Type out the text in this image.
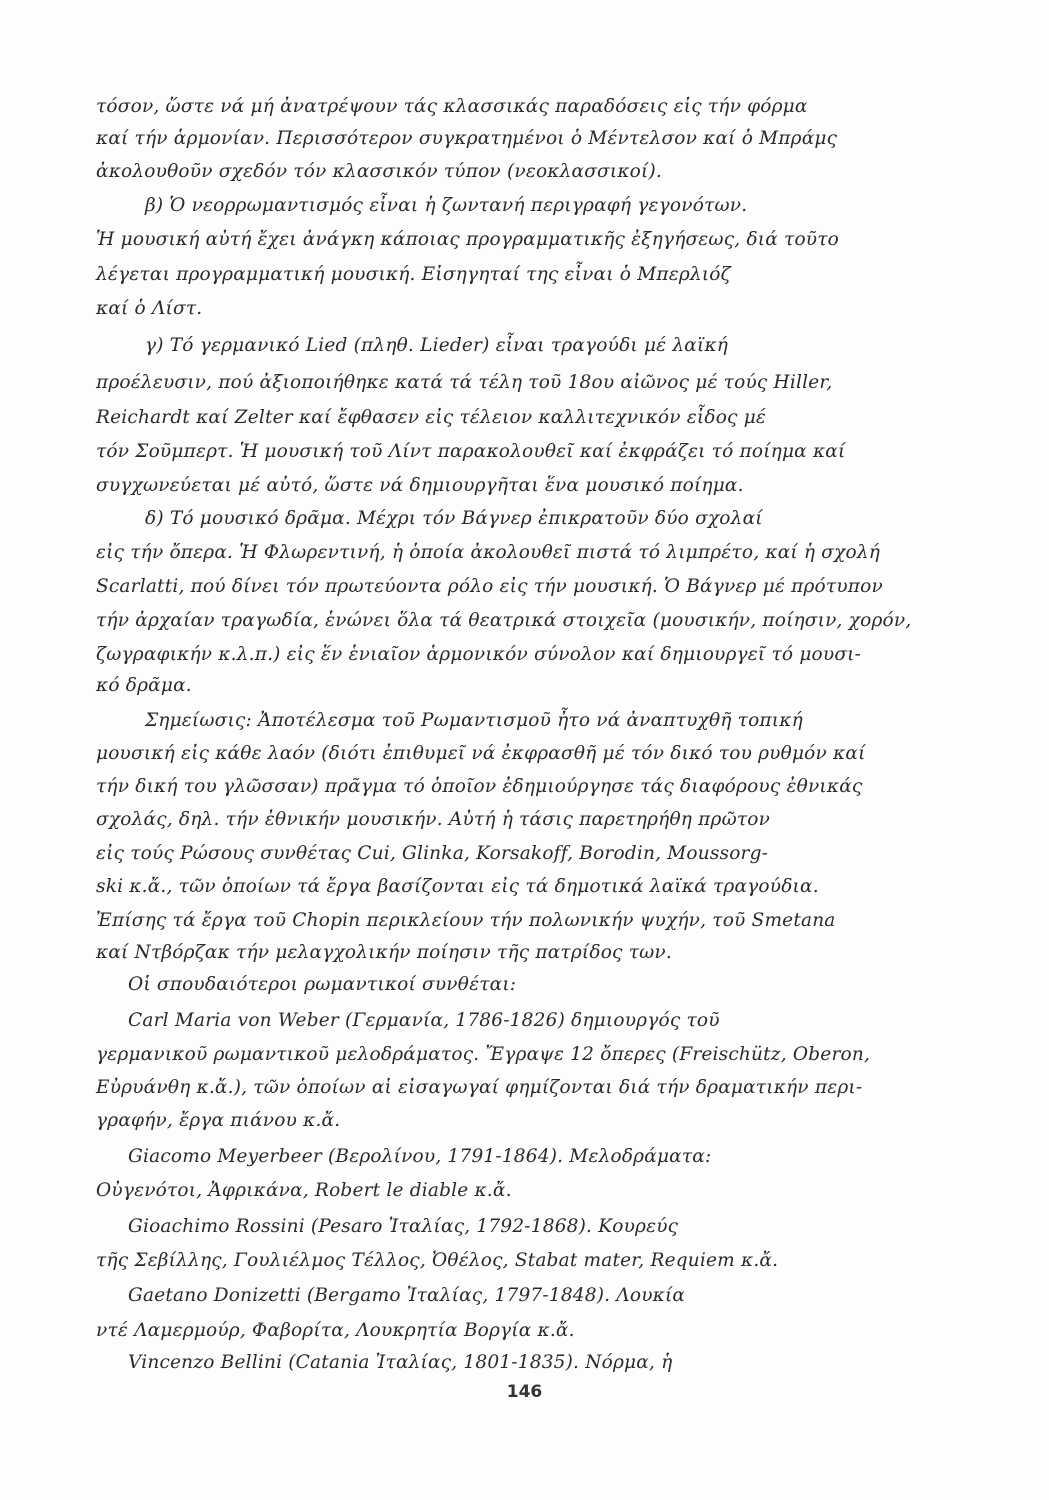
τόσον, ὥστε νά μή ἀνατρέψουν τάς κλασσικάς παραδόσεις εἰς τήν φόρμα
καί τήν ἁρμονίαν. Περισσότερον συγκρατημένοι ὁ Μέντελσον καί ὁ Μπράμς
ἀκολουθοῦν σχεδόν τόν κλασσικόν τύπον (νεοκλασσικοί).
β) Ὁ νεορρωμαντισμός εἶναι ἡ ζωντανή περιγραφή γεγονότων.
Ἡ μουσική αὐτή ἔχει ἀνάγκη κάποιας προγραμματικῆς ἐξηγήσεως, διά τοῦτο
λέγεται προγραμματική μουσική. Εἰσηγηταί της εἶναι ὁ Μπερλιόζ
καί ὁ Λίστ.
γ) Τό γερμανικό Lied (πληθ. Lieder) εἶναι τραγούδι μέ λαϊκή
προέλευσιν, πού ἀξιοποιήθηκε κατά τά τέλη τοῦ 18ου αἰῶνος μέ τούς Hiller,
Reichardt καί Zelter καί ἔφθασεν εἰς τέλειον καλλιτεχνικόν εἶδος μέ
τόν Σοῦμπερτ. Ἡ μουσική τοῦ Λίντ παρακολουθεῖ καί ἐκφράζει τό ποίημα καί
συγχωνεύεται μέ αὐτό, ὥστε νά δημιουργῆται ἕνα μουσικό ποίημα.
δ) Τό μουσικό δρᾶμα. Μέχρι τόν Βάγνερ ἐπικρατοῦν δύο σχολαί
εἰς τήν ὄπερα. Ἡ Φλωρεντινή, ἡ ὁποία ἀκολουθεῖ πιστά τό λιμπρέτο, καί ἡ σχολή
Scarlatti, πού δίνει τόν πρωτεύοντα ρόλο εἰς τήν μουσική. Ὁ Βάγνερ μέ πρότυπον
τήν ἀρχαίαν τραγωδία, ἑνώνει ὅλα τά θεατρικά στοιχεῖα (μουσικήν, ποίησιν, χορόν,
ζωγραφικήν κ.λ.π.) εἰς ἕν ἑνιαῖον ἁρμονικόν σύνολον καί δημιουργεῖ τό μουσι-
κό δρᾶμα.
Σημείωσις: Ἀποτέλεσμα τοῦ Ρωμαντισμοῦ ἦτο νά ἀναπτυχθῆ τοπική
μουσική εἰς κάθε λαόν (διότι ἐπιθυμεῖ νά ἐκφρασθῆ μέ τόν δικό του ρυθμόν καί
τήν δική του γλῶσσαν) πρᾶγμα τό ὁποῖον ἐδημιούργησε τάς διαφόρους ἐθνικάς
σχολάς, δηλ. τήν ἐθνικήν μουσικήν. Αὐτή ἡ τάσις παρετηρήθη πρῶτον
εἰς τούς Ρώσους συνθέτας Cui, Glinka, Korsakoff, Borodin, Moussorg-
ski κ.ἄ., τῶν ὁποίων τά ἔργα βασίζονται εἰς τά δημοτικά λαϊκά τραγούδια.
Ἐπίσης τά ἔργα τοῦ Chopin περικλείουν τήν πολωνικήν ψυχήν, τοῦ Smetana
καί Ντβόρζακ τήν μελαγχολικήν ποίησιν τῆς πατρίδος των.
Οἱ σπουδαιότεροι ρωμαντικοί συνθέται:
Carl Maria von Weber (Γερμανία, 1786-1826) δημιουργός τοῦ
γερμανικοῦ ρωμαντικοῦ μελοδράματος. Ἔγραψε 12 ὄπερες (Freischütz, Oberon,
Εὐρυάνθη κ.ἄ.), τῶν ὁποίων αἱ εἰσαγωγαί φημίζονται διά τήν δραματικήν περι-
γραφήν, ἔργα πιάνου κ.ἄ.
Giacomo Meyerbeer (Βερολίνου, 1791-1864). Μελοδράματα:
Οὐγενότοι, Ἀφρικάνα, Robert le diable κ.ἄ.
Gioachimo Rossini (Pesaro Ἰταλίας, 1792-1868). Κουρεύς
τῆς Σεβίλλης, Γουλιέλμος Τέλλος, Ὀθέλος, Stabat mater, Requiem κ.ἄ.
Gaetano Donizetti (Bergamo Ἰταλίας, 1797-1848). Λουκία
ντέ Λαμερμούρ, Φαβορίτα, Λουκρητία Βοργία κ.ἄ.
Vincenzo Bellini (Catania Ἰταλίας, 1801-1835). Νόρμα, ἡ
146
